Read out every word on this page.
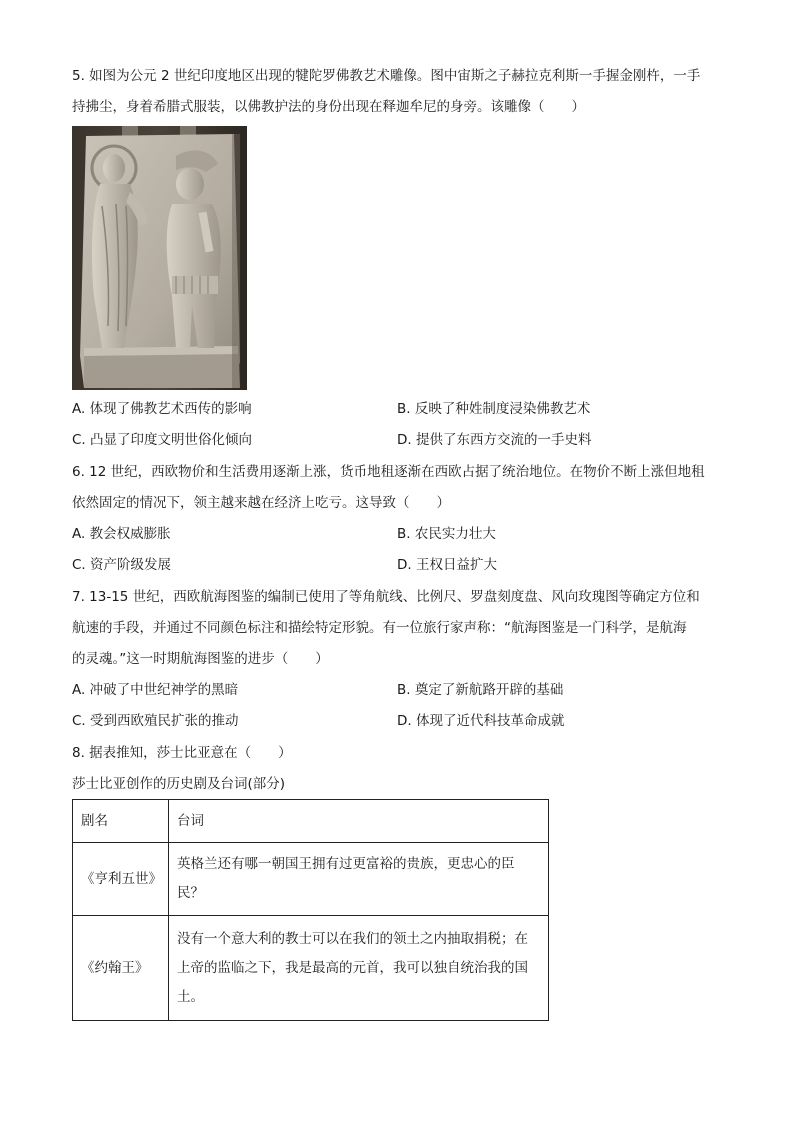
5. 如图为公元 2 世纪印度地区出现的犍陀罗佛教艺术雕像。图中宙斯之子赫拉克利斯一手握金刚杵，一手
持拂尘，身着希腊式服装，以佛教护法的身份出现在释迦牟尼的身旁。该雕像（　　）
A. 体现了佛教艺术西传的影响	B. 反映了种姓制度浸染佛教艺术
C. 凸显了印度文明世俗化倾向	D. 提供了东西方交流的一手史料
6. 12 世纪，西欧物价和生活费用逐渐上涨，货币地租逐渐在西欧占据了统治地位。在物价不断上涨但地租
依然固定的情况下，领主越来越在经济上吃亏。这导致（　　）
A. 教会权威膨胀	B. 农民实力壮大
C. 资产阶级发展	D. 王权日益扩大
7. 13-15 世纪，西欧航海图鉴的编制已使用了等角航线、比例尺、罗盘刻度盘、风向玫瑰图等确定方位和
航速的手段，并通过不同颜色标注和描绘特定形貌。有一位旅行家声称：“航海图鉴是一门科学，是航海
的灵魂。”这一时期航海图鉴的进步（　　）
A. 冲破了中世纪神学的黑暗	B. 奠定了新航路开辟的基础
C. 受到西欧殖民扩张的推动	D. 体现了近代科技革命成就
8. 据表推知，莎士比亚意在（　　）
莎士比亚创作的历史剧及台词(部分)
剧名	台词
《亨利五世》	英格兰还有哪一朝国王拥有过更富裕的贵族，更忠心的臣民？
《约翰王》	没有一个意大利的教士可以在我们的领土之内抽取捐税；在上帝的监临之下，我是最高的元首，我可以独自统治我的国土。
